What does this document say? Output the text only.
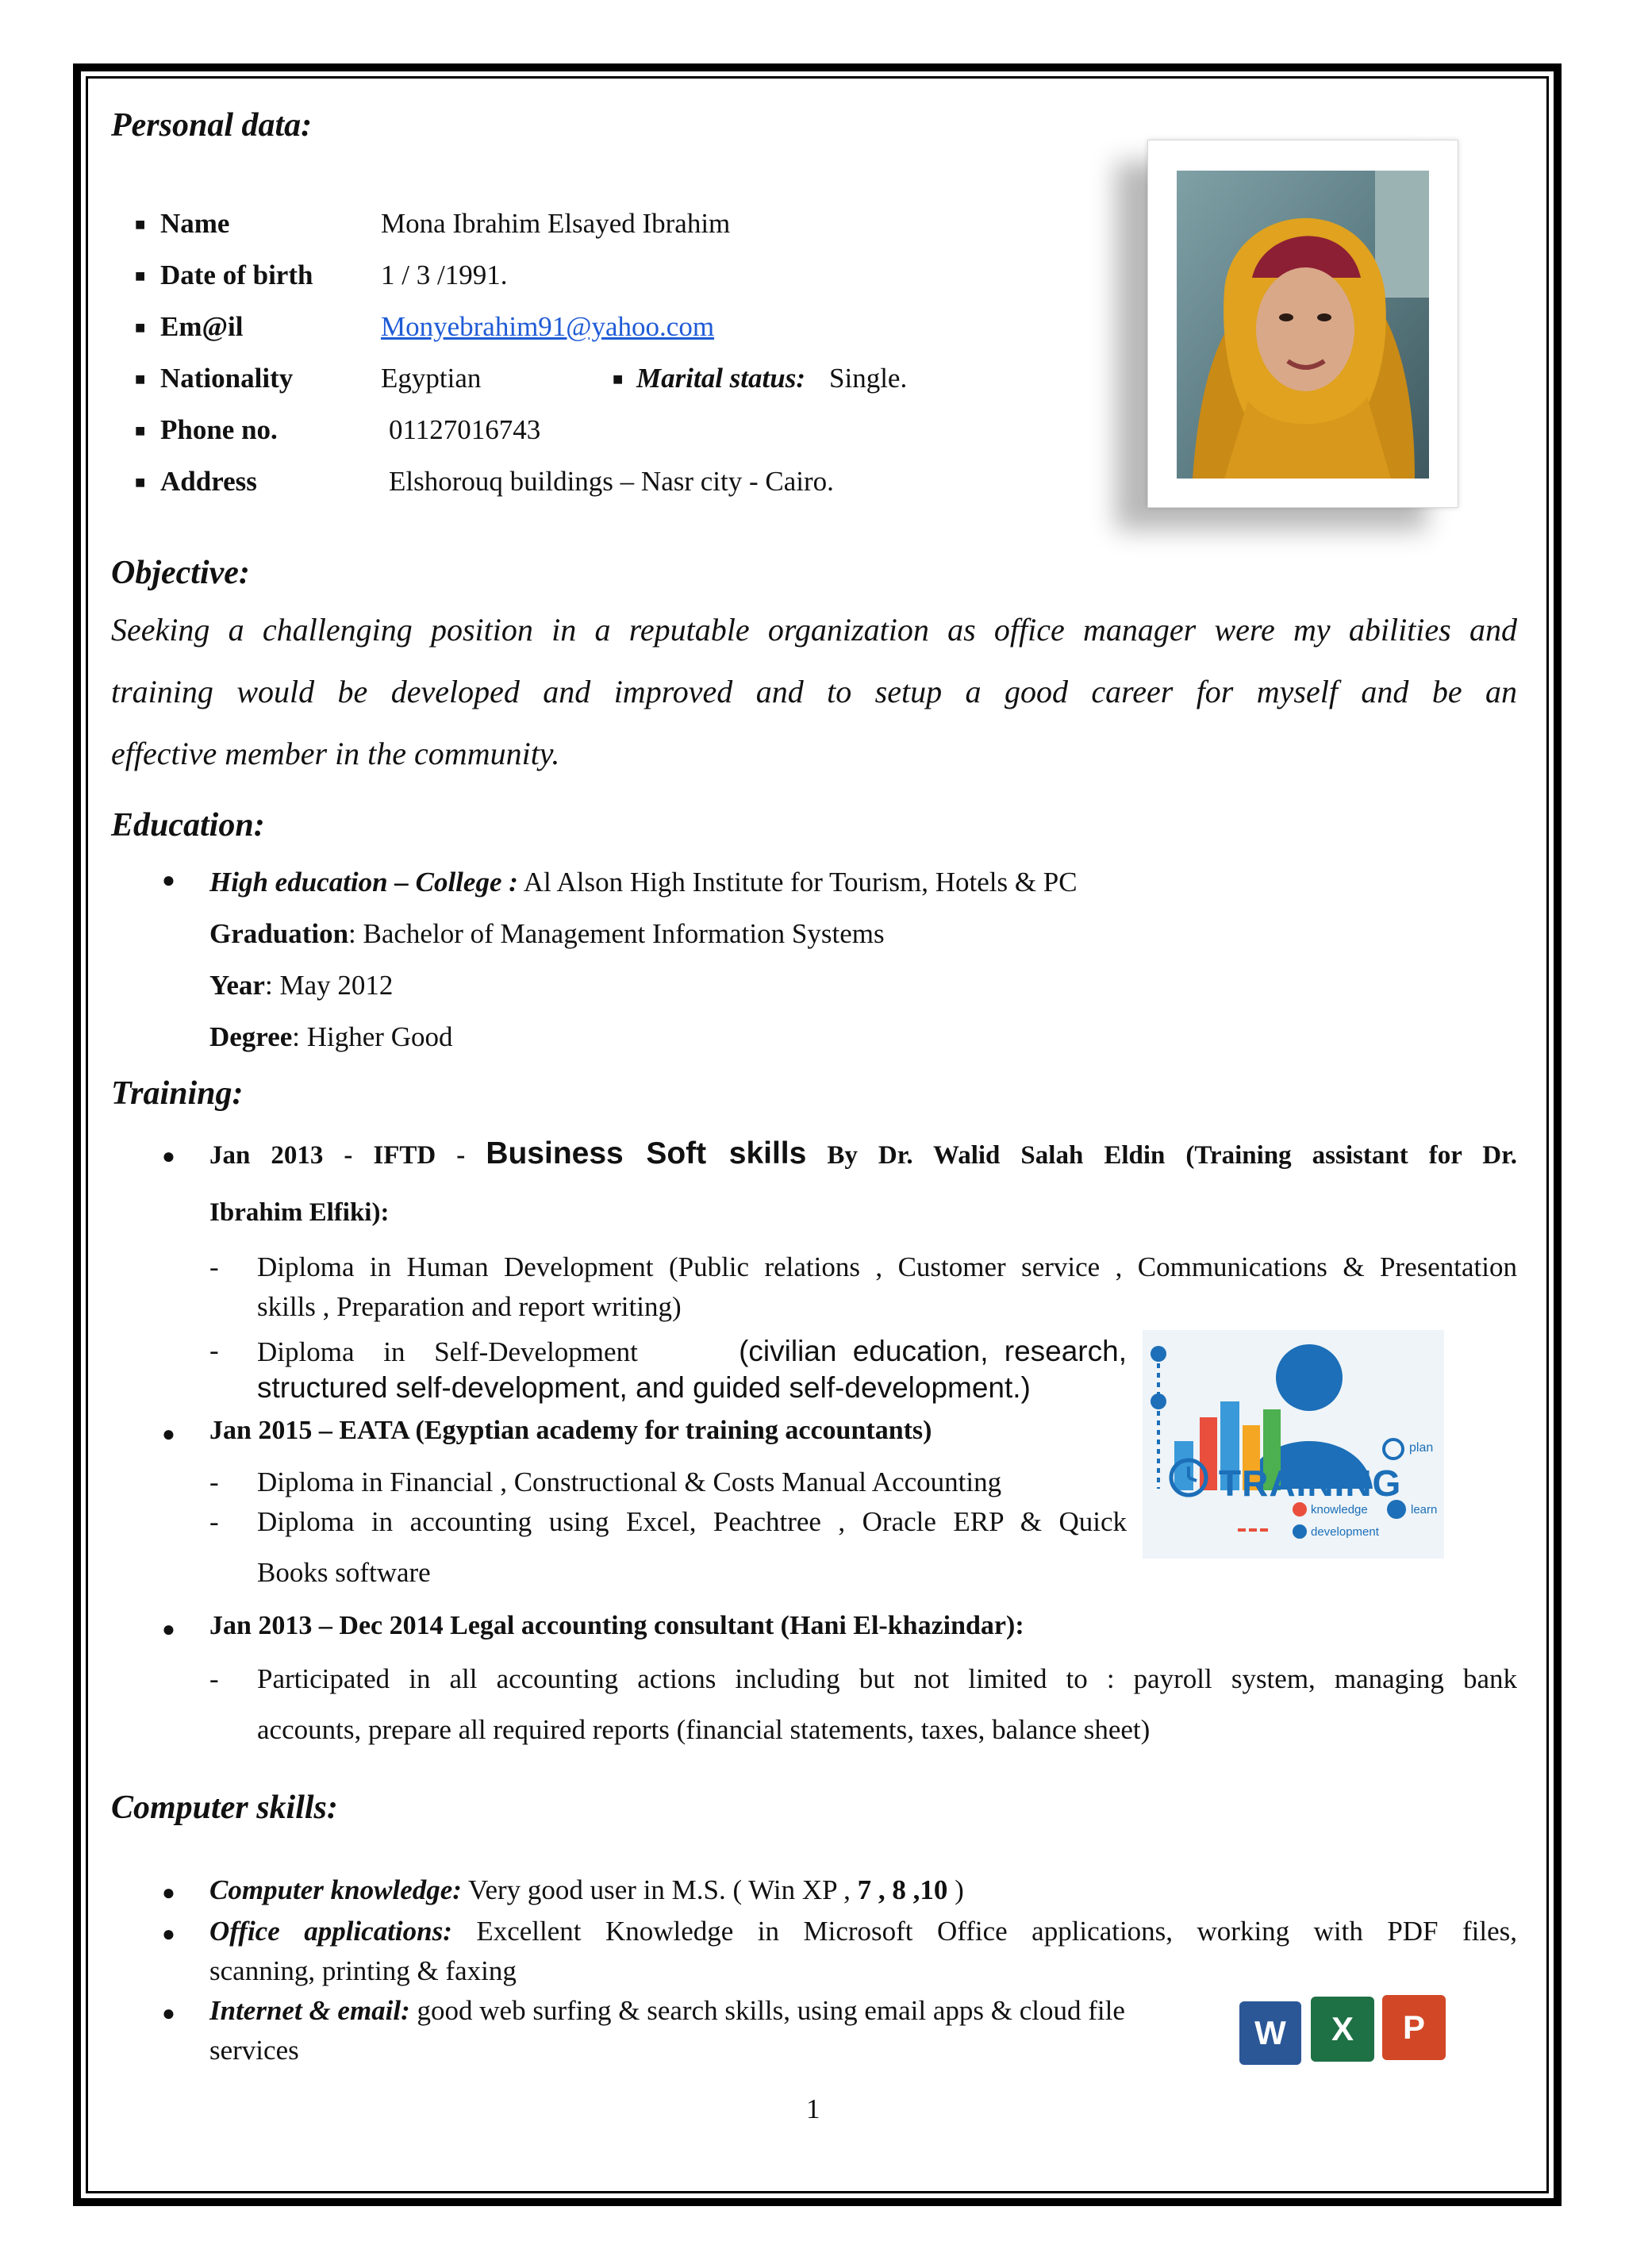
Personal data:
■ Name	Mona Ibrahim Elsayed Ibrahim
■ Date of birth 1 / 3 /1991.
■ Em@il	Monyebrahim91@yahoo.com
■ Nationality	Egyptian	■ Marital status: Single.
■ Phone no.	01127016743
■ Address	Elshorouq buildings – Nasr city - Cairo.
Objective:
Seeking a challenging position in a reputable organization as office manager were my abilities and
training would be developed and improved and to setup a good career for myself and be an
effective member in the community.
Education:
● High education – College : Al Alson High Institute for Tourism, Hotels & PC
Graduation: Bachelor of Management Information Systems
Year: May 2012
Degree: Higher Good
Training:
● Jan 2013 - IFTD - Business Soft skills By Dr. Walid Salah Eldin (Training assistant for Dr.
Ibrahim Elfiki):
- Diploma in Human Development (Public relations , Customer service , Communications & Presentation
skills , Preparation and report writing)
- Diploma in Self-Development	(civilian education, research,
structured self-development, and guided self-development.)
● Jan 2015 – EATA (Egyptian academy for training accountants)
- Diploma in Financial , Constructional & Costs Manual Accounting
- Diploma in accounting using Excel, Peachtree , Oracle ERP & Quick
Books software
● Jan 2013 – Dec 2014 Legal accounting consultant (Hani El-khazindar):
- Participated in all accounting actions including but not limited to : payroll system, managing bank
accounts, prepare all required reports (financial statements, taxes, balance sheet)
TRAINING
plan
knowledge	learn
development
Computer skills:
● Computer knowledge: Very good user in M.S. ( Win XP , 7 , 8 ,10 )
● Office applications: Excellent Knowledge in Microsoft Office applications, working with PDF files,
scanning, printing & faxing
● Internet & email: good web surfing & search skills, using email apps & cloud file
services	W	X	P
1
